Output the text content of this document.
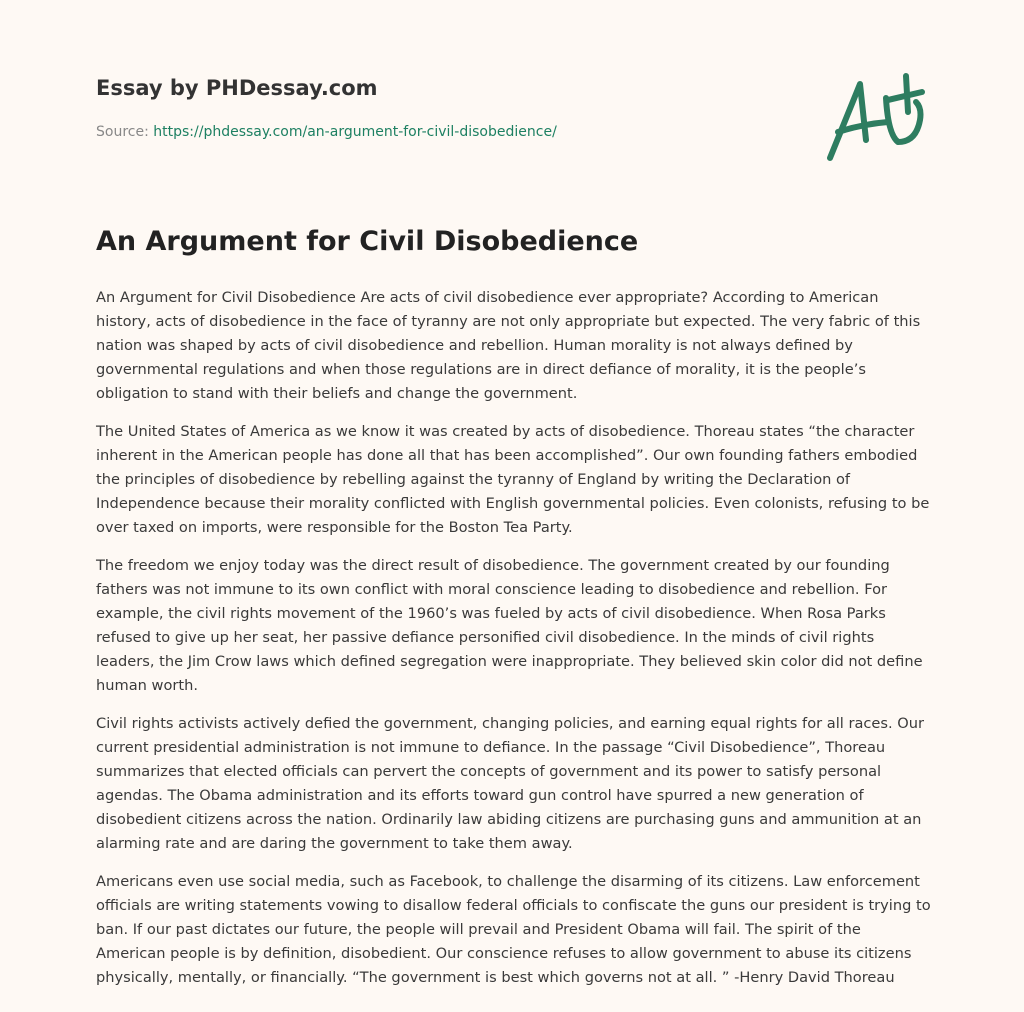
Essay by PHDessay.com

Source: https://phdessay.com/an-argument-for-civil-disobedience/
An Argument for Civil Disobedience

An Argument for Civil Disobedience Are acts of civil disobedience ever appropriate? According to American history, acts of disobedience in the face of tyranny are not only appropriate but expected. The very fabric of this nation was shaped by acts of civil disobedience and rebellion. Human morality is not always defined by governmental regulations and when those regulations are in direct defiance of morality, it is the people’s obligation to stand with their beliefs and change the government.

The United States of America as we know it was created by acts of disobedience. Thoreau states “the character inherent in the American people has done all that has been accomplished”. Our own founding fathers embodied the principles of disobedience by rebelling against the tyranny of England by writing the Declaration of Independence because their morality conflicted with English governmental policies. Even colonists, refusing to be over taxed on imports, were responsible for the Boston Tea Party.

The freedom we enjoy today was the direct result of disobedience. The government created by our founding fathers was not immune to its own conflict with moral conscience leading to disobedience and rebellion. For example, the civil rights movement of the 1960’s was fueled by acts of civil disobedience. When Rosa Parks refused to give up her seat, her passive defiance personified civil disobedience. In the minds of civil rights leaders, the Jim Crow laws which defined segregation were inappropriate. They believed skin color did not define human worth.

Civil rights activists actively defied the government, changing policies, and earning equal rights for all races. Our current presidential administration is not immune to defiance. In the passage “Civil Disobedience”, Thoreau summarizes that elected officials can pervert the concepts of government and its power to satisfy personal agendas. The Obama administration and its efforts toward gun control have spurred a new generation of disobedient citizens across the nation. Ordinarily law abiding citizens are purchasing guns and ammunition at an alarming rate and are daring the government to take them away.

Americans even use social media, such as Facebook, to challenge the disarming of its citizens. Law enforcement officials are writing statements vowing to disallow federal officials to confiscate the guns our president is trying to ban. If our past dictates our future, the people will prevail and President Obama will fail. The spirit of the American people is by definition, disobedient. Our conscience refuses to allow government to abuse its citizens physically, mentally, or financially. “The government is best which governs not at all. ” -Henry David Thoreau
